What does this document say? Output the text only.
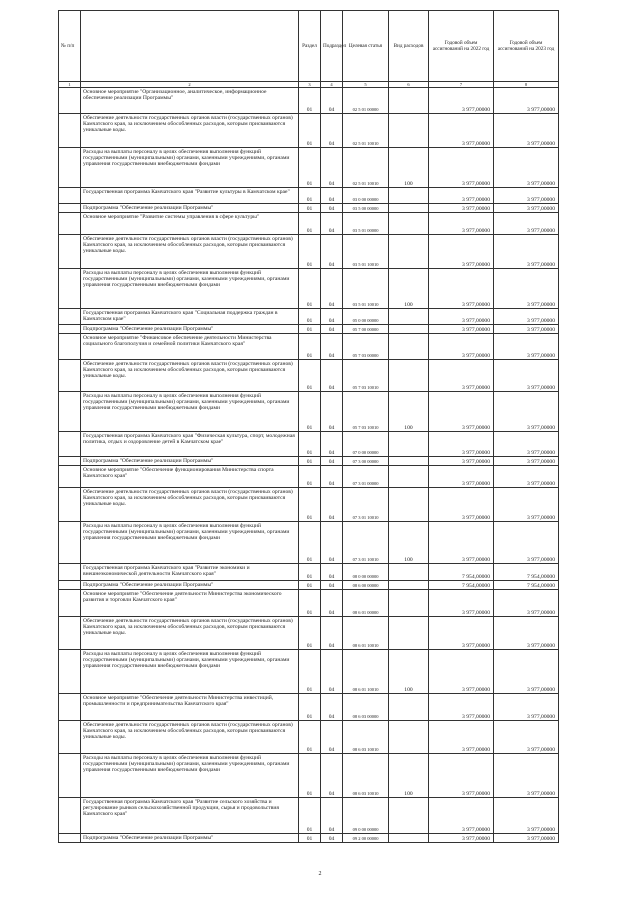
№ п/п		Раздел	Подраздел	Целевая статья	Вид расходов	Годовой объем ассигнований на 2022 год	Годовой объем ассигнований на 2023 год
1	2	3	4	5	6	7	8
	Основное мероприятие "Организационное, аналитическое, информационное обеспечение реализации Программы"	01	04	02 5 01 00000		3 977,00000	3 977,00000
	Обеспечение деятельности государственных органов власти (государственных органов) Камчатского края, за исключением обособленных расходов, которым присваиваются уникальные коды.	01	04	02 5 01 10010		3 977,00000	3 977,00000
	Расходы на выплаты персоналу в целях обеспечения выполнения функций государственными (муниципальными) органами, казенными учреждениями, органами управления государственными внебюджетными фондами	01	04	02 5 01 10010	100	3 977,00000	3 977,00000
	Государственная программа Камчатского края "Развитие культуры в Камчатском крае"	01	04	03 0 00 00000		3 977,00000	3 977,00000
	Подпрограмма "Обеспечение реализации Программы"	01	04	03 5 00 00000		3 977,00000	3 977,00000
	Основное мероприятие "Развитие системы управления в сфере культуры"	01	04	03 5 01 00000		3 977,00000	3 977,00000
	Обеспечение деятельности государственных органов власти (государственных органов) Камчатского края, за исключением обособленных расходов, которым присваиваются уникальные коды.	01	04	03 5 01 10010		3 977,00000	3 977,00000
	Расходы на выплаты персоналу в целях обеспечения выполнения функций государственными (муниципальными) органами, казенными учреждениями, органами управления государственными внебюджетными фондами	01	04	03 5 01 10010	100	3 977,00000	3 977,00000
	Государственная программа Камчатского края "Социальная поддержка граждан в Камчатском крае"	01	04	05 0 00 00000		3 977,00000	3 977,00000
	Подпрограмма "Обеспечение реализации Программы"	01	04	05 7 00 00000		3 977,00000	3 977,00000
	Основное мероприятие "Финансовое обеспечение деятельности Министерства социального благополучия и семейной политики Камчатского края"	01	04	05 7 03 00000		3 977,00000	3 977,00000
	Обеспечение деятельности государственных органов власти (государственных органов) Камчатского края, за исключением обособленных расходов, которым присваиваются уникальные коды.	01	04	05 7 03 10010		3 977,00000	3 977,00000
	Расходы на выплаты персоналу в целях обеспечения выполнения функций государственными (муниципальными) органами, казенными учреждениями, органами управления государственными внебюджетными фондами	01	04	05 7 03 10010	100	3 977,00000	3 977,00000
	Государственная программа Камчатского края "Физическая культура, спорт, молодежная политика, отдых и оздоровление детей в Камчатском крае"	01	04	07 0 00 00000		3 977,00000	3 977,00000
	Подпрограмма "Обеспечение реализации Программы"	01	04	07 3 00 00000		3 977,00000	3 977,00000
	Основное мероприятие "Обеспечение функционирования Министерства спорта Камчатского края"	01	04	07 3 01 00000		3 977,00000	3 977,00000
	Обеспечение деятельности государственных органов власти (государственных органов) Камчатского края, за исключением обособленных расходов, которым присваиваются уникальные коды.	01	04	07 3 01 10010		3 977,00000	3 977,00000
	Расходы на выплаты персоналу в целях обеспечения выполнения функций государственными (муниципальными) органами, казенными учреждениями, органами управления государственными внебюджетными фондами	01	04	07 3 01 10010	100	3 977,00000	3 977,00000
	Государственная программа Камчатского края "Развитие экономики и внешнеэкономической деятельности Камчатского края"	01	04	08 0 00 00000		7 954,00000	7 954,00000
	Подпрограмма "Обеспечение реализации Программы"	01	04	08 6 00 00000		7 954,00000	7 954,00000
	Основное мероприятие "Обеспечение деятельности Министерства экономического развития и торговли Камчатского края"	01	04	08 6 01 00000		3 977,00000	3 977,00000
	Обеспечение деятельности государственных органов власти (государственных органов) Камчатского края, за исключением обособленных расходов, которым присваиваются уникальные коды.	01	04	08 6 01 10010		3 977,00000	3 977,00000
	Расходы на выплаты персоналу в целях обеспечения выполнения функций государственными (муниципальными) органами, казенными учреждениями, органами управления государственными внебюджетными фондами	01	04	08 6 01 10010	100	3 977,00000	3 977,00000
	Основное мероприятие "Обеспечение деятельности Министерства инвестиций, промышленности и предпринимательства Камчатского края"	01	04	08 6 03 00000		3 977,00000	3 977,00000
	Обеспечение деятельности государственных органов власти (государственных органов) Камчатского края, за исключением обособленных расходов, которым присваиваются уникальные коды.	01	04	08 6 03 10010		3 977,00000	3 977,00000
	Расходы на выплаты персоналу в целях обеспечения выполнения функций государственными (муниципальными) органами, казенными учреждениями, органами управления государственными внебюджетными фондами	01	04	08 6 03 10010	100	3 977,00000	3 977,00000
	Государственная программа Камчатского края "Развитие сельского хозяйства и регулирование рынков сельскохозяйственной продукции, сырья и продовольствия Камчатского края"	01	04	09 0 00 00000		3 977,00000	3 977,00000
	Подпрограмма "Обеспечение реализации Программы"	01	04	09 2 00 00000		3 977,00000	3 977,00000
2
